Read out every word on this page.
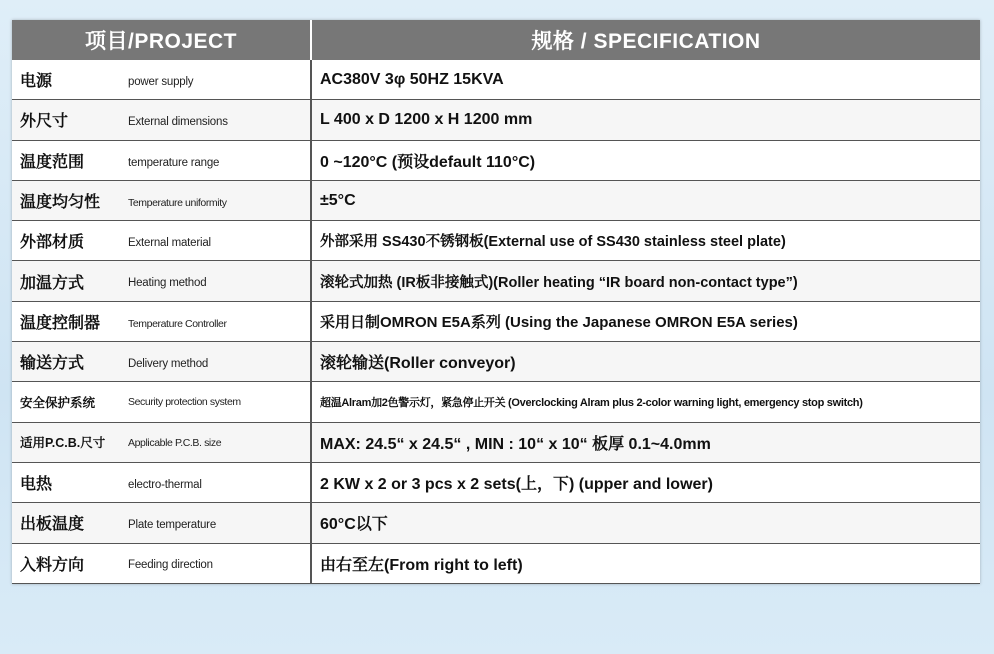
项目/PROJECT	规格 / SPECIFICATION
电源 power supply	AC380V 3φ 50HZ 15KVA
外尺寸 External dimensions	L 400 x D 1200 x H 1200 mm
温度范围 temperature range	0 ~120°C (预设default 110°C)
温度均匀性 Temperature uniformity	±5°C
外部材质 External material	外部采用 SS430不锈钢板(External use of SS430 stainless steel plate)
加温方式 Heating method	滚轮式加热 (IR板非接触式)(Roller heating “IR board non-contact type”)
温度控制器 Temperature Controller	采用日制OMRON E5A系列 (Using the Japanese OMRON E5A series)
输送方式 Delivery method	滚轮输送(Roller conveyor)
安全保护系统 Security protection system	超温Alram加2色警示灯，紧急停止开关 (Overclocking Alram plus 2-color warning light, emergency stop switch)
适用P.C.B.尺寸 Applicable P.C.B. size	MAX: 24.5“ x 24.5“ , MIN : 10“ x 10“ 板厚 0.1~4.0mm
电热 electro-thermal	2 KW x 2 or 3 pcs x 2 sets(上，下) (upper and lower)
出板温度 Plate temperature	60°C以下
入料方向 Feeding direction	由右至左(From right to left)
